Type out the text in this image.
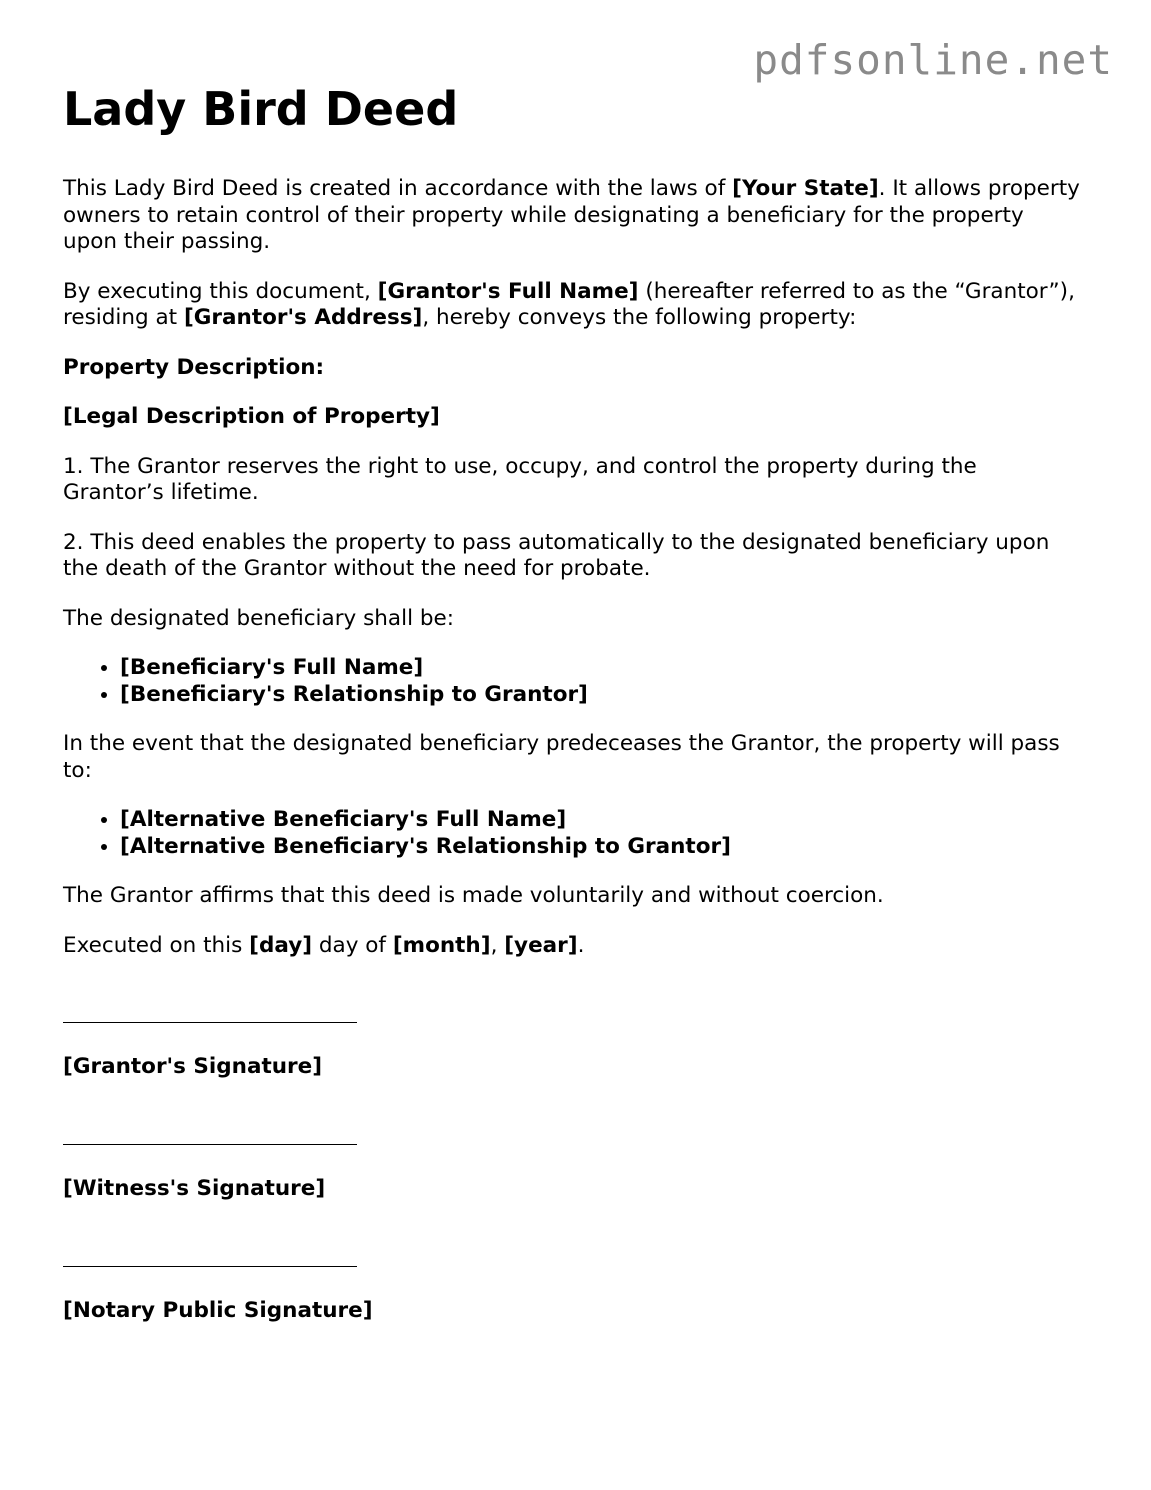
pdfsonline.net
Lady Bird Deed

This Lady Bird Deed is created in accordance with the laws of [Your State]. It allows property owners to retain control of their property while designating a beneficiary for the property upon their passing.

By executing this document, [Grantor's Full Name] (hereafter referred to as the “Grantor”), residing at [Grantor's Address], hereby conveys the following property:

Property Description:

[Legal Description of Property]

1. The Grantor reserves the right to use, occupy, and control the property during the Grantor’s lifetime.

2. This deed enables the property to pass automatically to the designated beneficiary upon the death of the Grantor without the need for probate.

The designated beneficiary shall be:

• [Beneficiary's Full Name]
• [Beneficiary's Relationship to Grantor]

In the event that the designated beneficiary predeceases the Grantor, the property will pass to:

• [Alternative Beneficiary's Full Name]
• [Alternative Beneficiary's Relationship to Grantor]

The Grantor affirms that this deed is made voluntarily and without coercion.

Executed on this [day] day of [month], [year].

[Grantor's Signature]
[Witness's Signature]
[Notary Public Signature]
